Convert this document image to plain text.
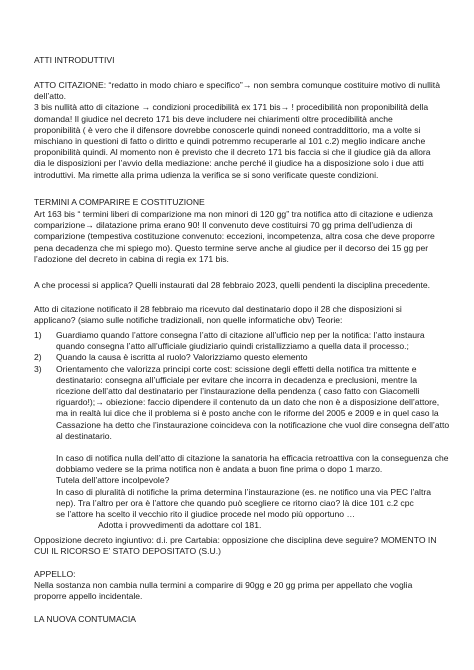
ATTI INTRODUTTIVI
ATTO CITAZIONE: “redatto in modo chiaro e specifico”→ non sembra comunque costituire motivo di nullità
dell’atto.
3 bis nullità atto di citazione → condizioni procedibilità ex 171 bis→ ! procedibilità non proponibilità della
domanda! Il giudice nel decreto 171 bis deve includere nei chiarimenti oltre procedibilità anche
proponibilità ( è vero che il difensore dovrebbe conoscerle quindi noneed contraddittorio, ma a volte si
mischiano in questioni di fatto o diritto e quindi potremmo recuperarle al 101 c.2) meglio indicare anche
proponibilità quindi. Al momento non è previsto che il decreto 171 bis faccia si che il giudice già da allora
dia le disposizioni per l’avvio della mediazione: anche perché il giudice ha a disposizione solo i due atti
introduttivi. Ma rimette alla prima udienza la verifica se si sono verificate queste condizioni.
TERMINI A COMPARIRE E COSTITUZIONE
Art 163 bis “ termini liberi di comparizione ma non minori di 120 gg” tra notifica atto di citazione e udienza
comparizione→ dilatazione prima erano 90! Il convenuto deve costituirsi 70 gg prima dell’udienza di
comparizione (tempestiva costituzione convenuto: eccezioni, incompetenza, altra cosa che deve proporre
pena decadenza che mi spiego mo). Questo termine serve anche al giudice per il decorso dei 15 gg per
l’adozione del decreto in cabina di regia ex 171 bis.
A che processi si applica? Quelli instaurati dal 28 febbraio 2023, quelli pendenti la disciplina precedente.
Atto di citazione notificato il 28 febbraio ma ricevuto dal destinatario dopo il 28 che disposizioni si
applicano? (siamo sulle notifiche tradizionali, non quelle informatiche obv) Teorie:
1) Guardiamo quando l’attore consegna l’atto di citazione all’ufficio nep per la notifica: l’atto instaura
quando consegna l’atto all’ufficiale giudiziario quindi cristallizziamo a quella data il processo.;
2) Quando la causa è iscritta al ruolo? Valorizziamo questo elemento
3) Orientamento che valorizza principi corte cost: scissione degli effetti della notifica tra mittente e
destinatario: consegna all’ufficiale per evitare che incorra in decadenza e preclusioni, mentre la
ricezione dell’atto dal destinatario per l’instaurazione della pendenza ( caso fatto con Giacomelli
riguardo!);→ obiezione: faccio dipendere il contenuto da un dato che non è a disposizione dell’attore,
ma in realtà lui dice che il problema si è posto anche con le riforme del 2005 e 2009 e in quel caso la
Cassazione ha detto che l’instaurazione coincideva con la notificazione che vuol dire consegna dell’atto
al destinatario.
In caso di notifica nulla dell’atto di citazione la sanatoria ha efficacia retroattiva con la conseguenza che
dobbiamo vedere se la prima notifica non è andata a buon fine prima o dopo 1 marzo.
Tutela dell’attore incolpevole?
In caso di pluralità di notifiche la prima determina l’instaurazione (es. ne notifico una via PEC l’altra
nep). Tra l’altro per ora è l’attore che quando può scegliere ce ritorno ciao? là dice 101 c.2 cpc
se l’attore ha scelto il vecchio rito il giudice procede nel modo più opportuno …
Adotta i provvedimenti da adottare col 181.
Opposizione decreto ingiuntivo: d.i. pre Cartabia: opposizione che disciplina deve seguire? MOMENTO IN
CUI IL RICORSO E’ STATO DEPOSITATO (S.U.)
APPELLO:
Nella sostanza non cambia nulla termini a comparire di 90gg e 20 gg prima per appellato che voglia
proporre appello incidentale.
LA NUOVA CONTUMACIA
